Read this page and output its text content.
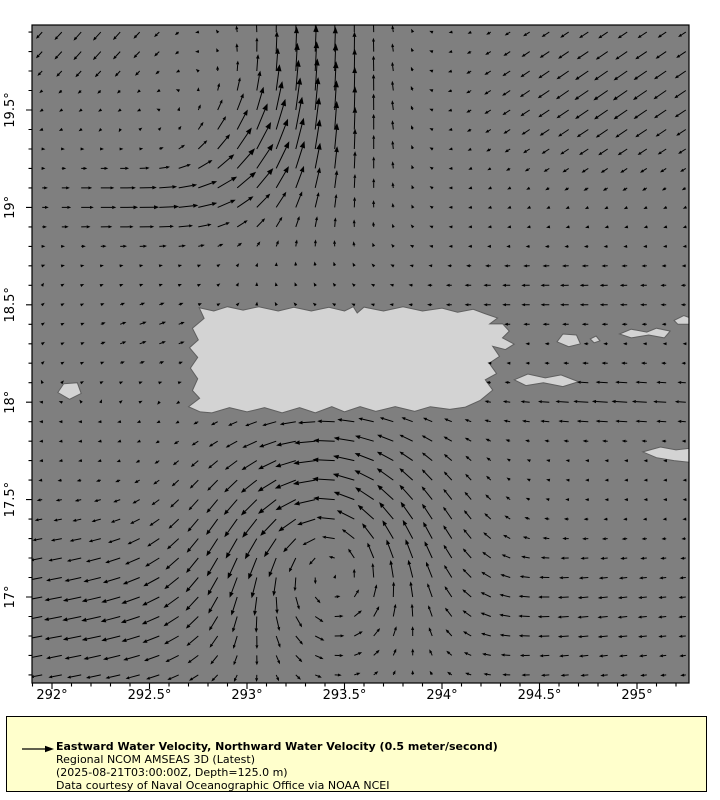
292°	292.5°	293°	293.5°	294°	294.5°	295°
19.5°
19°
18.5°
18°
17.5°
17°
Eastward Water Velocity, Northward Water Velocity (0.5 meter/second)
Regional NCOM AMSEAS 3D (Latest)
(2025-08-21T03:00:00Z, Depth=125.0 m)
Data courtesy of Naval Oceanographic Office via NOAA NCEI
